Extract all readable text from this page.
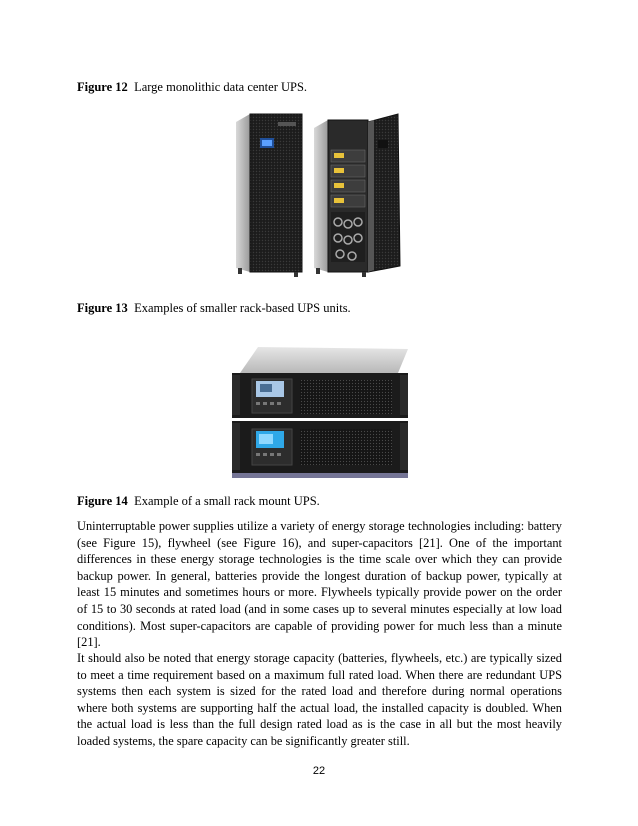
Figure 12 Large monolithic data center UPS.
Figure 13 Examples of smaller rack-based UPS units.
Figure 14 Example of a small rack mount UPS.
Uninterruptable power supplies utilize a variety of energy storage technologies including: battery (see Figure 15), flywheel (see Figure 16), and super-capacitors [21]. One of the important differences in these energy storage technologies is the time scale over which they can provide backup power. In general, batteries provide the longest duration of backup power, typically at least 15 minutes and sometimes hours or more. Flywheels typically provide power on the order of 15 to 30 seconds at rated load (and in some cases up to several minutes especially at low load conditions). Most super-capacitors are capable of providing power for much less than a minute [21].
It should also be noted that energy storage capacity (batteries, flywheels, etc.) are typically sized to meet a time requirement based on a maximum full rated load. When there are redundant UPS systems then each system is sized for the rated load and therefore during normal operations where both systems are supporting half the actual load, the installed capacity is doubled. When the actual load is less than the full design rated load as is the case in all but the most heavily loaded systems, the spare capacity can be significantly greater still.
22
